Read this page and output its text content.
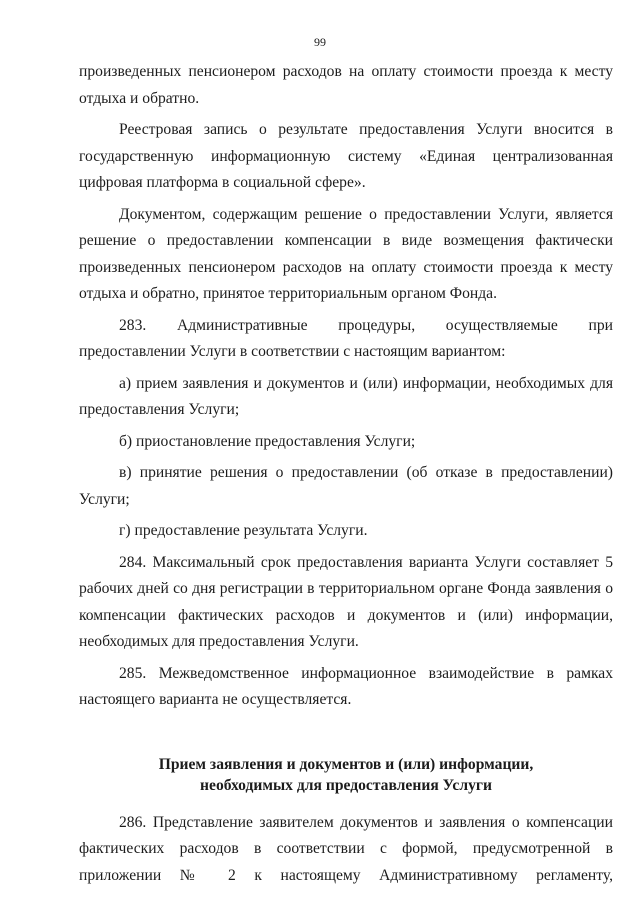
99

произведенных пенсионером расходов на оплату стоимости проезда к месту отдыха и обратно.

Реестровая запись о результате предоставления Услуги вносится в государственную информационную систему «Единая централизованная цифровая платформа в социальной сфере».

Документом, содержащим решение о предоставлении Услуги, является решение о предоставлении компенсации в виде возмещения фактически произведенных пенсионером расходов на оплату стоимости проезда к месту отдыха и обратно, принятое территориальным органом Фонда.

283. Административные процедуры, осуществляемые при предоставлении Услуги в соответствии с настоящим вариантом:

а) прием заявления и документов и (или) информации, необходимых для предоставления Услуги;

б) приостановление предоставления Услуги;

в) принятие решения о предоставлении (об отказе в предоставлении) Услуги;

г) предоставление результата Услуги.

284. Максимальный срок предоставления варианта Услуги составляет 5 рабочих дней со дня регистрации в территориальном органе Фонда заявления о компенсации фактических расходов и документов и (или) информации, необходимых для предоставления Услуги.

285. Межведомственное информационное взаимодействие в рамках настоящего варианта не осуществляется.

Прием заявления и документов и (или) информации,
необходимых для предоставления Услуги

286. Представление заявителем документов и заявления о компенсации фактических расходов в соответствии с формой, предусмотренной в приложении № 2 к настоящему Административному регламенту,
